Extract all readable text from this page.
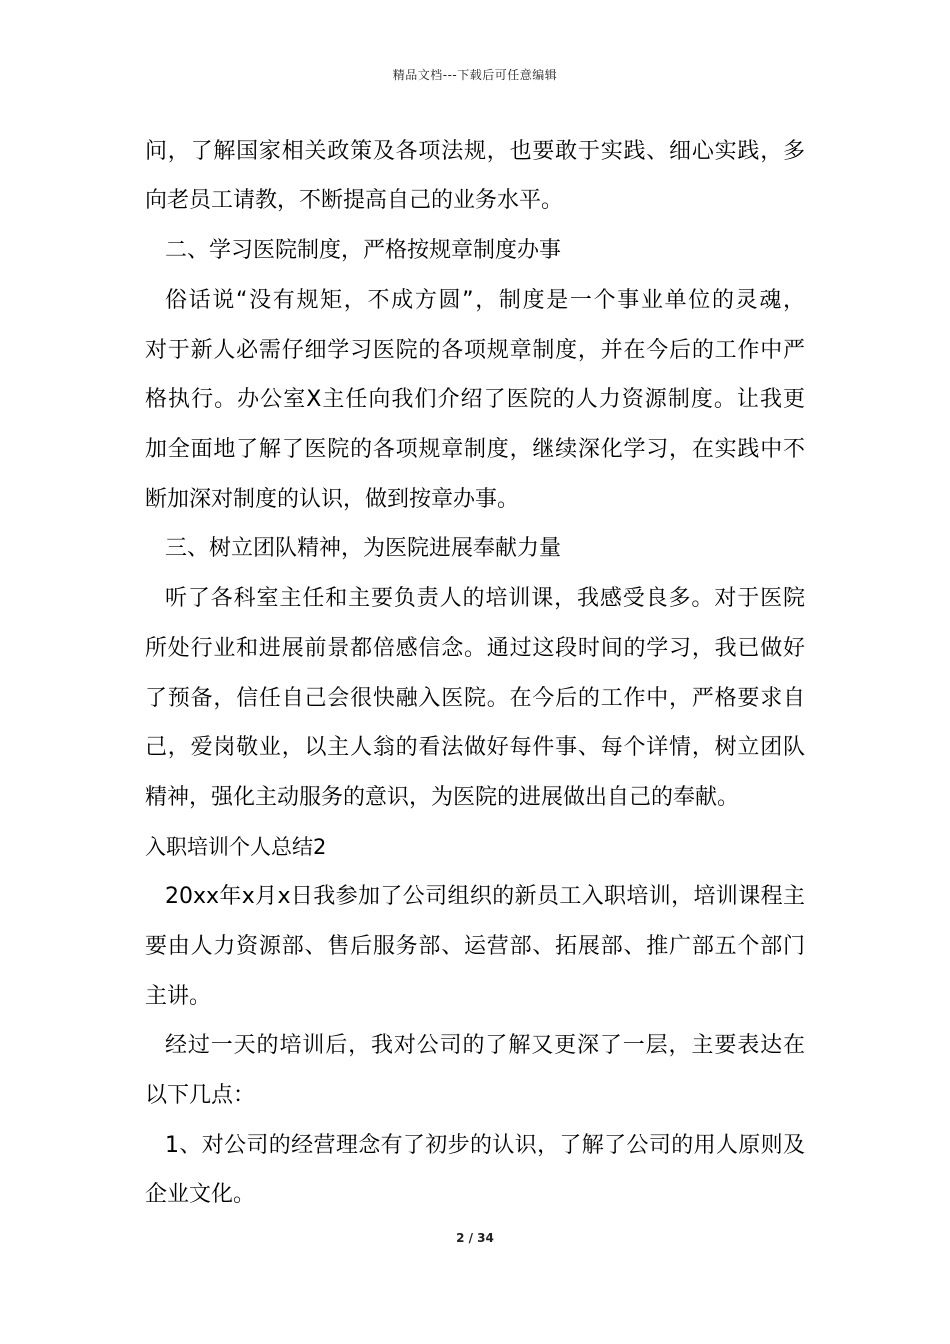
精品文档---下载后可任意编辑
问，了解国家相关政策及各项法规，也要敢于实践、细心实践，多
向老员工请教，不断提高自己的业务水平。
二、学习医院制度，严格按规章制度办事
俗话说“没有规矩，不成方圆”，制度是一个事业单位的灵魂，
对于新人必需仔细学习医院的各项规章制度，并在今后的工作中严
格执行。办公室X主任向我们介绍了医院的人力资源制度。让我更
加全面地了解了医院的各项规章制度，继续深化学习，在实践中不
断加深对制度的认识，做到按章办事。
三、树立团队精神，为医院进展奉献力量
听了各科室主任和主要负责人的培训课，我感受良多。对于医院
所处行业和进展前景都倍感信念。通过这段时间的学习，我已做好
了预备，信任自己会很快融入医院。在今后的工作中，严格要求自
己，爱岗敬业，以主人翁的看法做好每件事、每个详情，树立团队
精神，强化主动服务的意识，为医院的进展做出自己的奉献。
入职培训个人总结2
20xx年x月x日我参加了公司组织的新员工入职培训，培训课程主
要由人力资源部、售后服务部、运营部、拓展部、推广部五个部门
主讲。
经过一天的培训后，我对公司的了解又更深了一层，主要表达在
以下几点：
1、对公司的经营理念有了初步的认识，了解了公司的用人原则及
企业文化。
2 / 34
